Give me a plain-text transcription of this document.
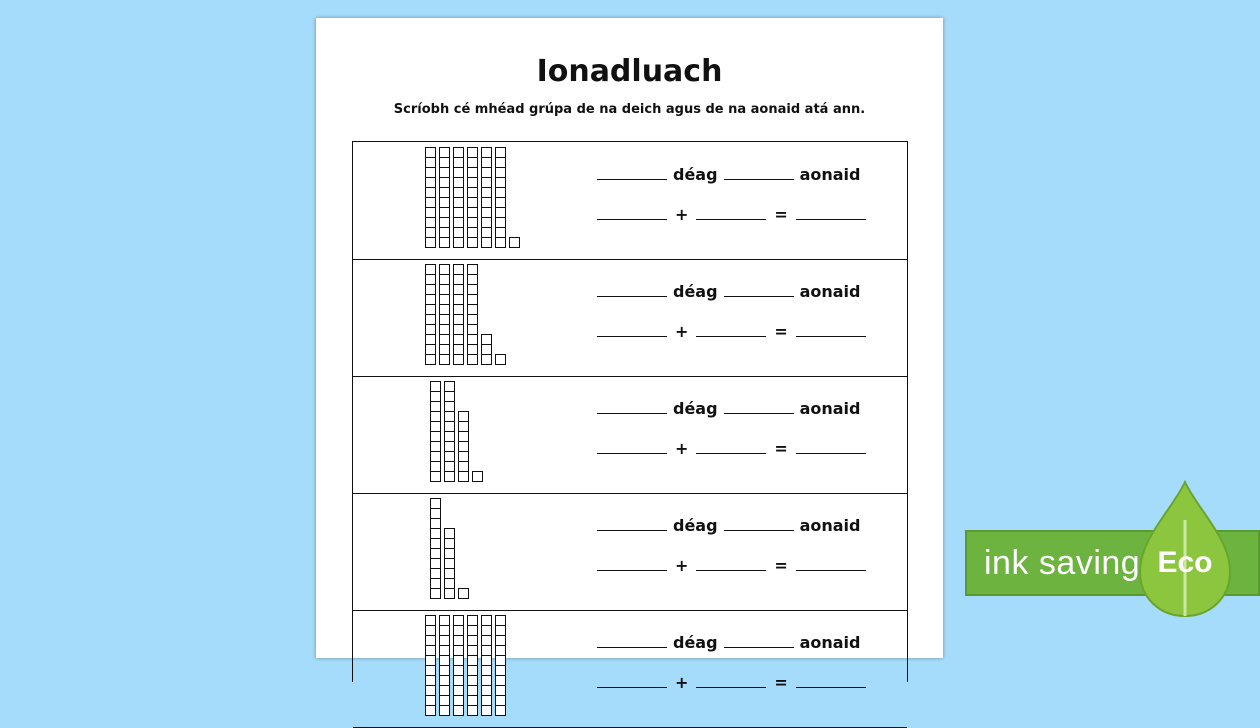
Ionadluach
Scríobh cé mhéad grúpa de na deich agus de na aonaid atá ann.
déag	aonaid
+	=
déag	aonaid
+	=
déag	aonaid
+	=
déag	aonaid
+	=
déag	aonaid
+	=
ink saving Eco
